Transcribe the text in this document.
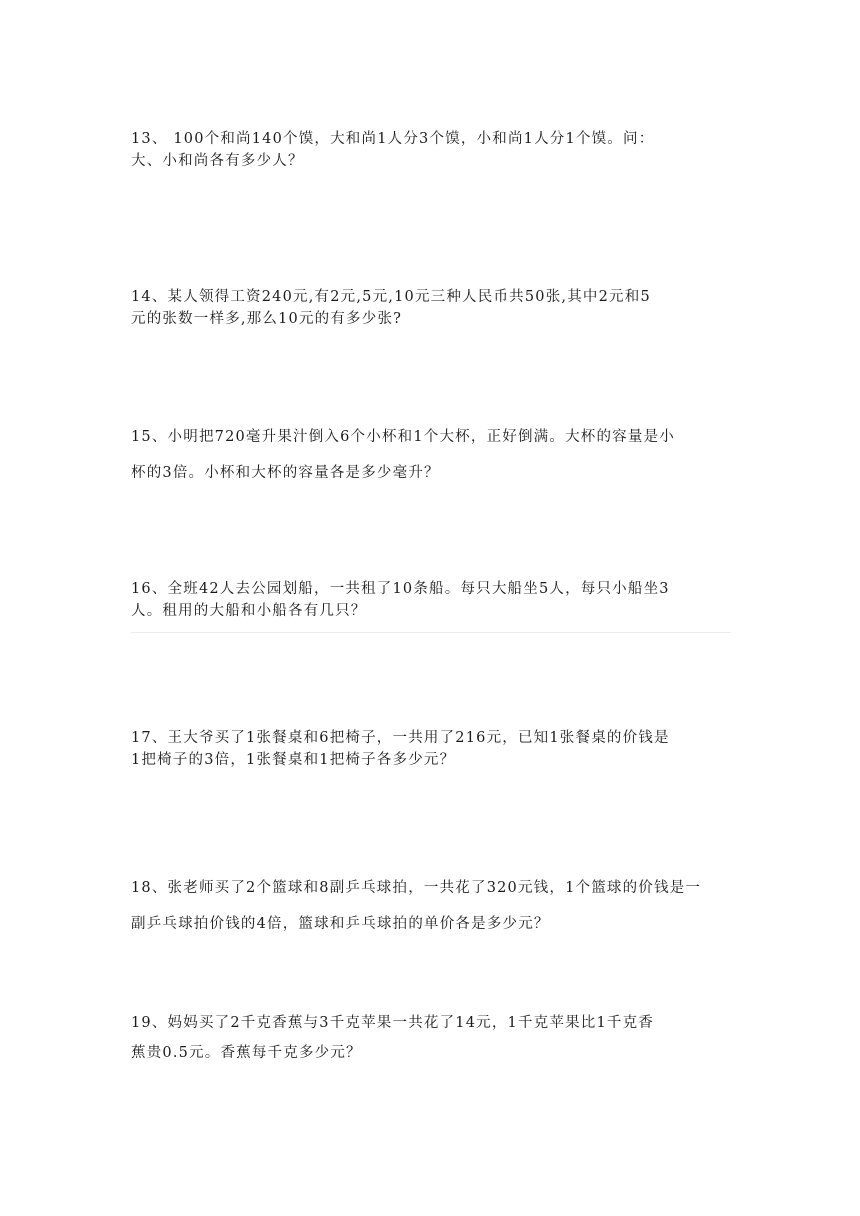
13、 100个和尚140个馍，大和尚1人分3个馍，小和尚1人分1个馍。问：
大、小和尚各有多少人？

14、某人领得工资240元,有2元,5元,10元三种人民币共50张,其中2元和5
元的张数一样多,那么10元的有多少张?

15、小明把720毫升果汁倒入6个小杯和1个大杯，正好倒满。大杯的容量是小
杯的3倍。小杯和大杯的容量各是多少毫升？

16、全班42人去公园划船，一共租了10条船。每只大船坐5人，每只小船坐3
人。租用的大船和小船各有几只？

17、王大爷买了1张餐桌和6把椅子，一共用了216元，已知1张餐桌的价钱是
1把椅子的3倍，1张餐桌和1把椅子各多少元？

18、张老师买了2个篮球和8副乒乓球拍，一共花了320元钱，1个篮球的价钱是一
副乒乓球拍价钱的4倍，篮球和乒乓球拍的单价各是多少元？

19、妈妈买了2千克香蕉与3千克苹果一共花了14元，1千克苹果比1千克香
蕉贵0.5元。香蕉每千克多少元？
